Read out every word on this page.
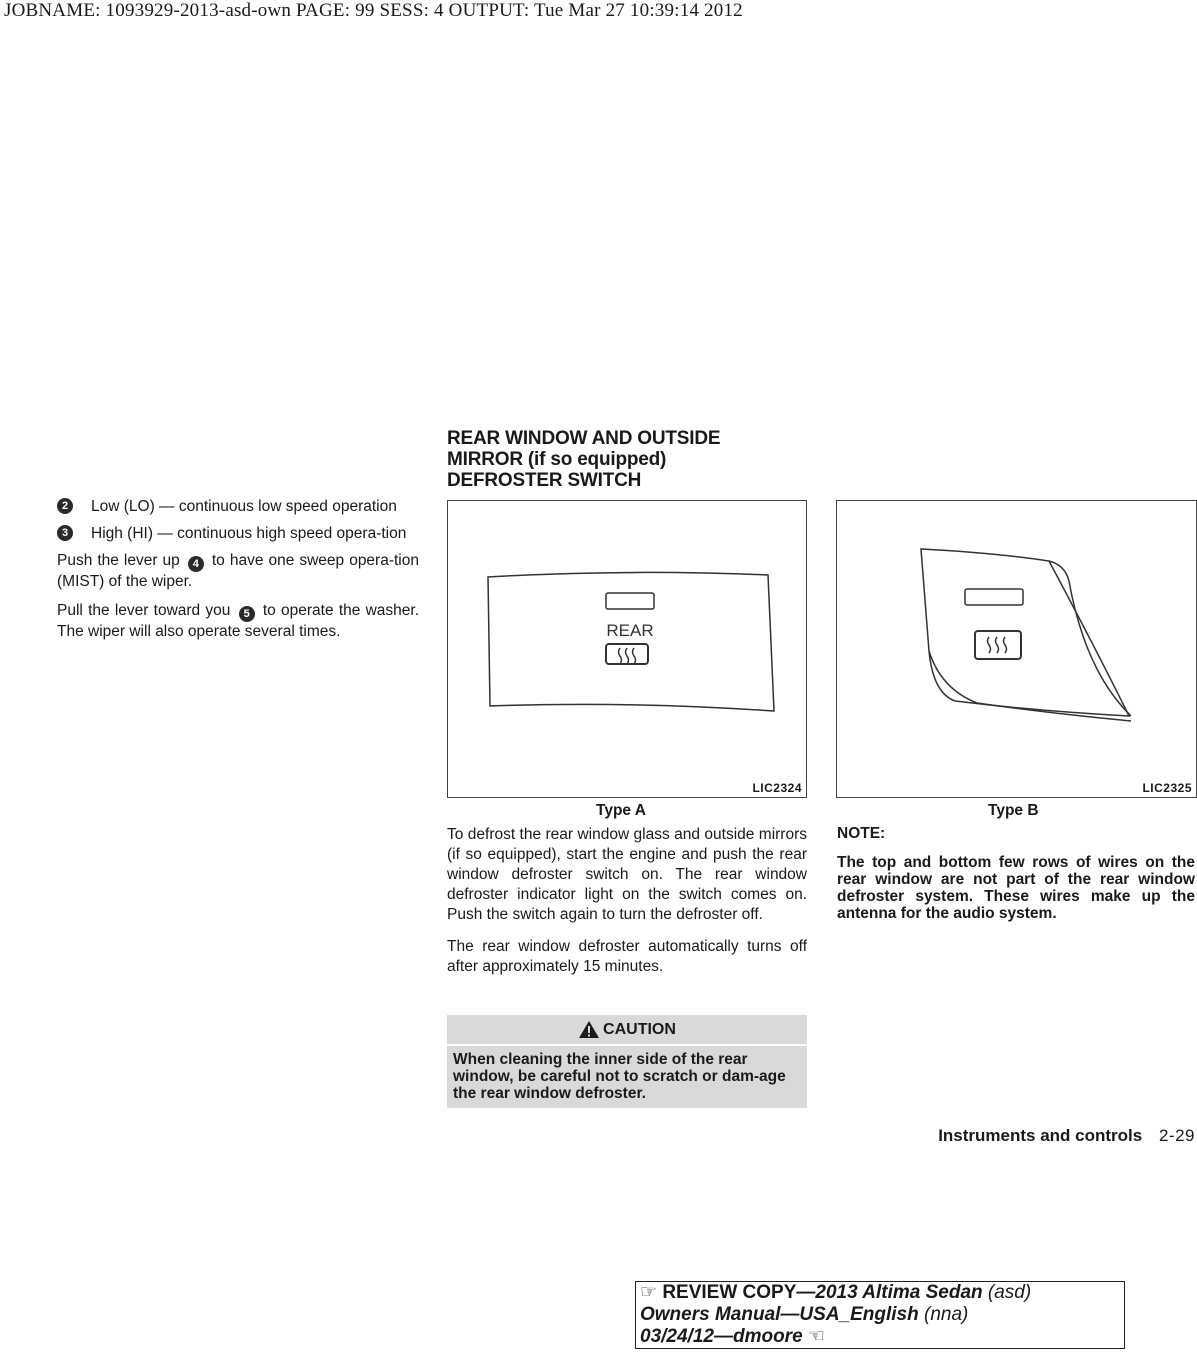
JOBNAME: 1093929-2013-asd-own PAGE: 99 SESS: 4 OUTPUT: Tue Mar 27 10:39:14 2012
2	Low (LO) — continuous low speed operation
3	High (HI) — continuous high speed opera-tion

Push the lever up 4 to have one sweep opera-tion (MIST) of the wiper.

Pull the lever toward you 5 to operate the washer. The wiper will also operate several times.

REAR WINDOW AND OUTSIDE
MIRROR (if so equipped)
DEFROSTER SWITCH
REAR
LIC2324
Type A
LIC2325
Type B

To defrost the rear window glass and outside mirrors (if so equipped), start the engine and push the rear window defroster switch on. The rear window defroster indicator light on the switch comes on. Push the switch again to turn the defroster off.

The rear window defroster automatically turns off after approximately 15 minutes.

CAUTION
When cleaning the inner side of the rear window, be careful not to scratch or dam-age the rear window defroster.
NOTE:
The top and bottom few rows of wires on the rear window are not part of the rear window defroster system. These wires make up the antenna for the audio system.
Instruments and controls 2-29
☞ REVIEW COPY—2013 Altima Sedan (asd)
Owners Manual—USA_English (nna)
03/24/12—dmoore ☜
